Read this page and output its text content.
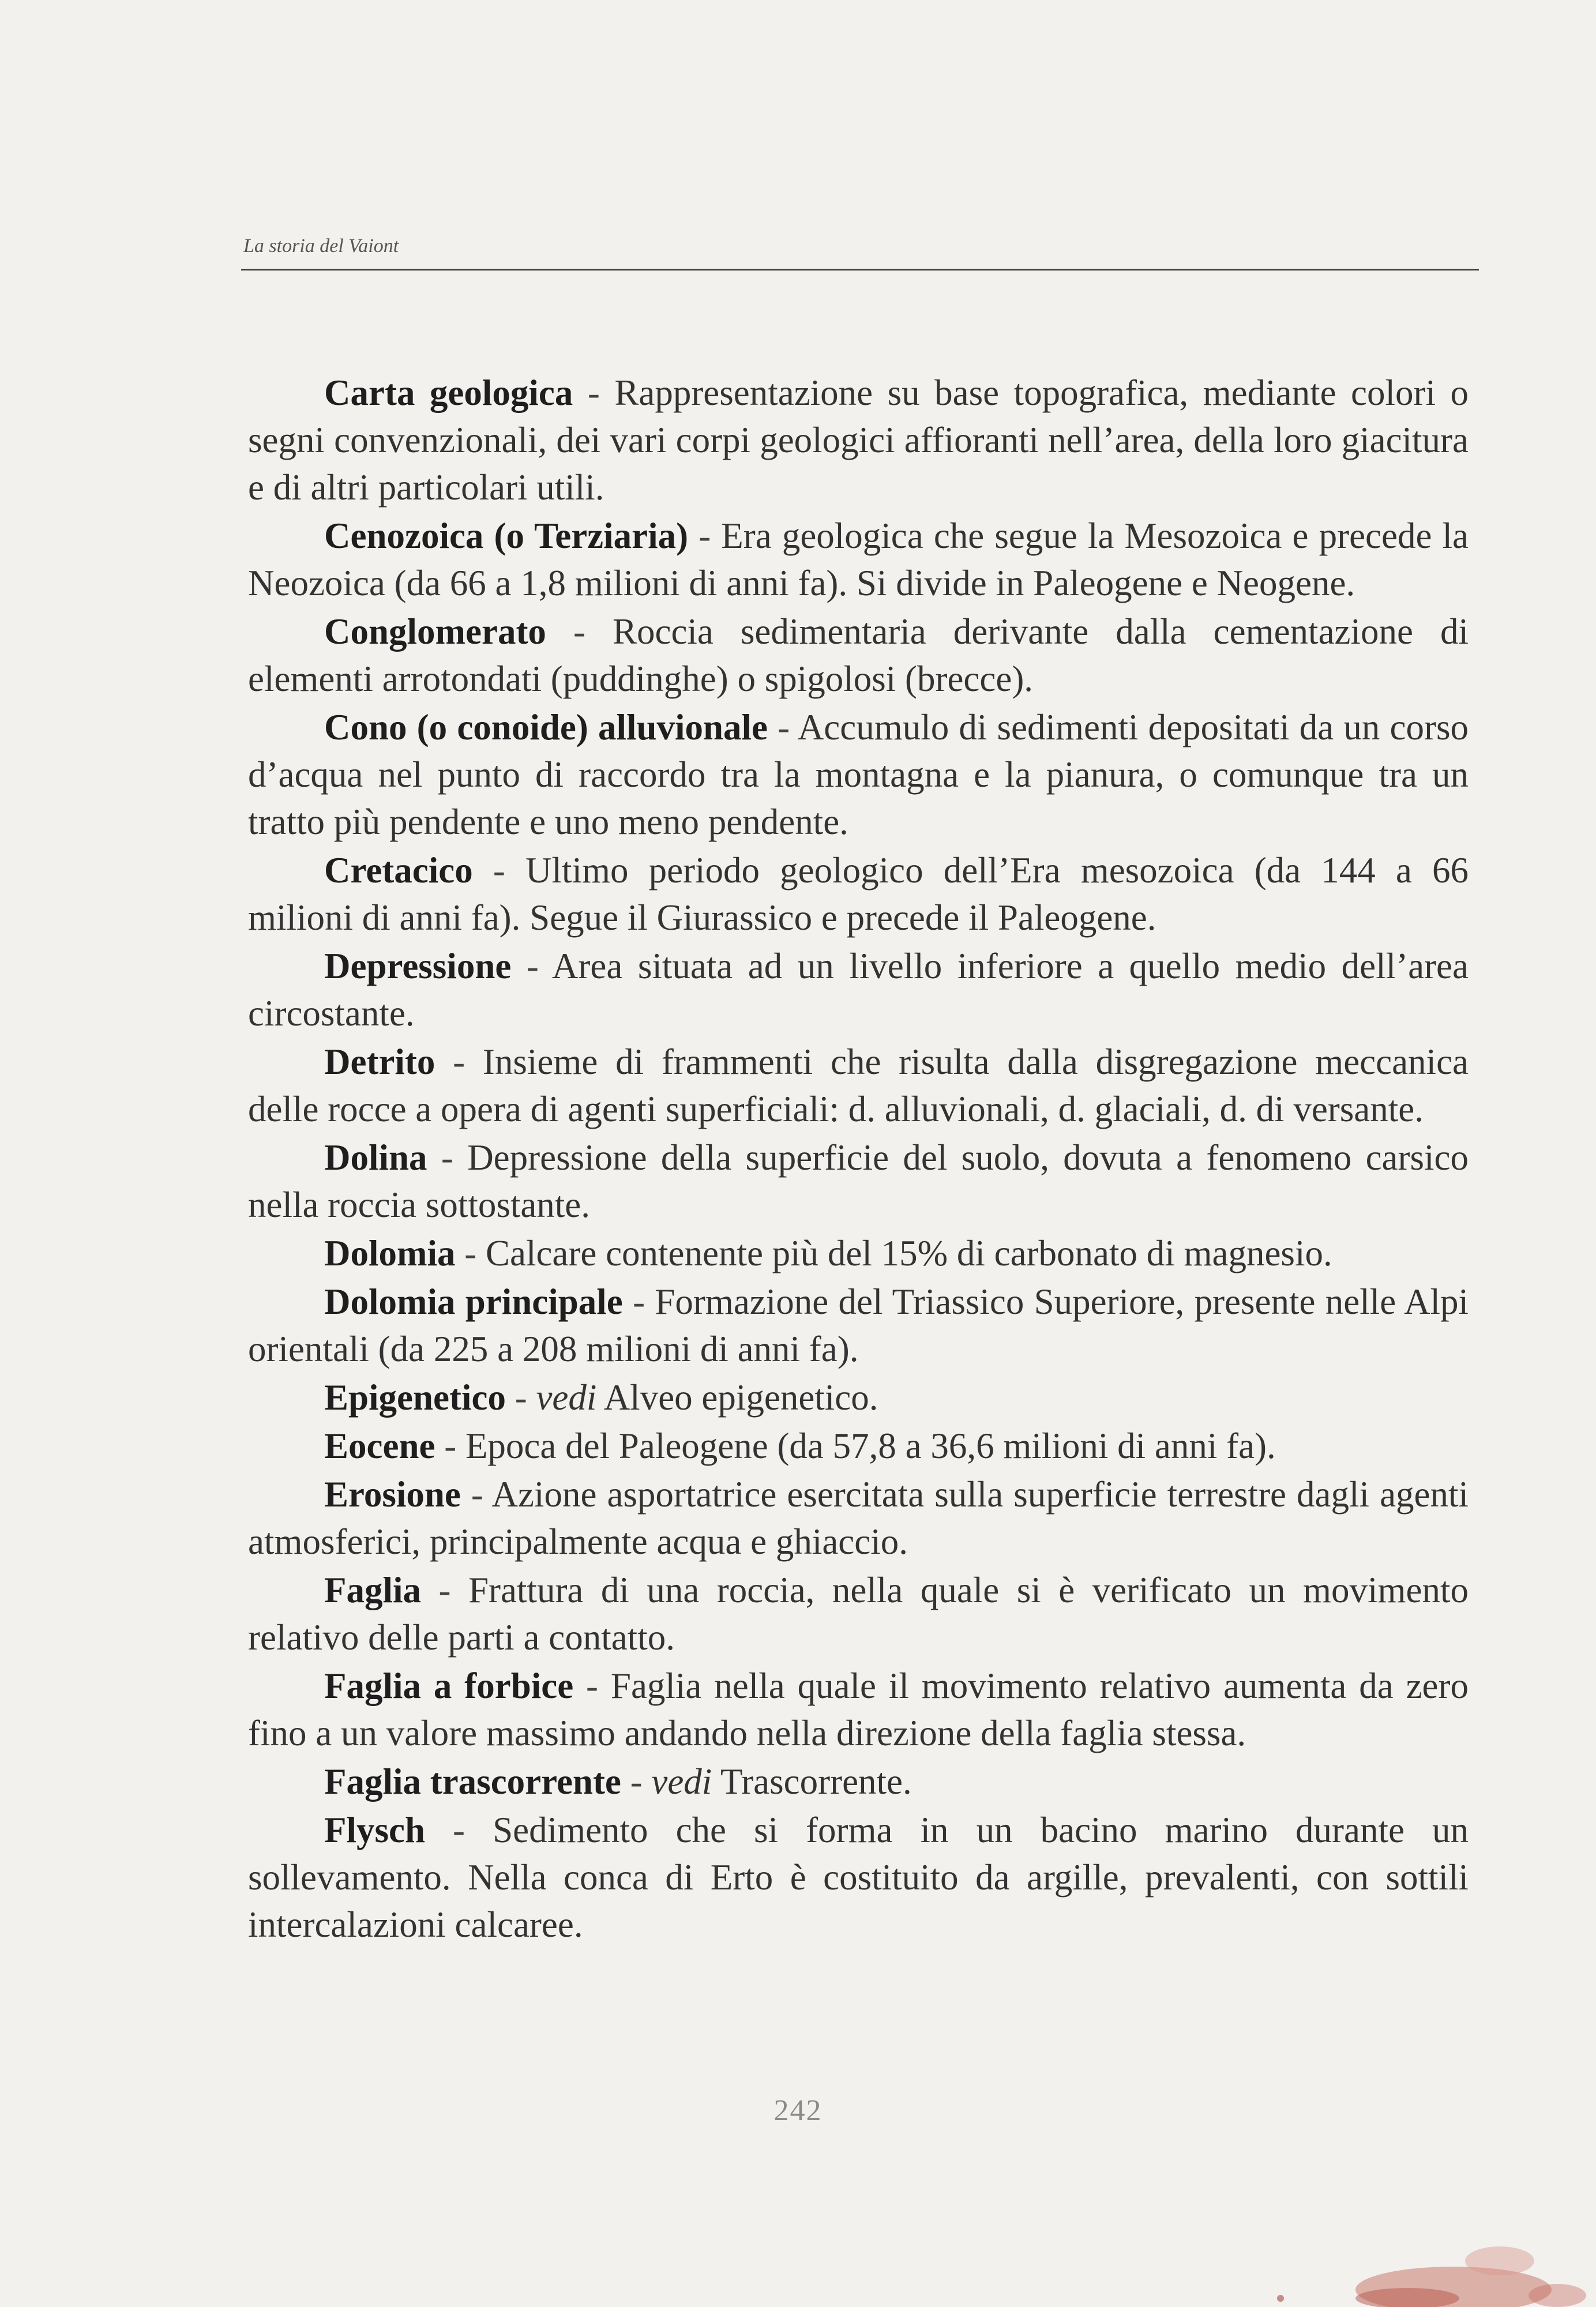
La storia del Vaiont

Carta geologica - Rappresentazione su base topografica, mediante colori o segni convenzionali, dei vari corpi geologici affioranti nell’area, della loro giacitura e di altri particolari utili.

Cenozoica (o Terziaria) - Era geologica che segue la Mesozoica e precede la Neozoica (da 66 a 1,8 milioni di anni fa). Si divide in Paleogene e Neogene.

Conglomerato - Roccia sedimentaria derivante dalla cementazione di elementi arrotondati (puddinghe) o spigolosi (brecce).

Cono (o conoide) alluvionale - Accumulo di sedimenti depositati da un corso d’acqua nel punto di raccordo tra la montagna e la pianura, o comunque tra un tratto più pendente e uno meno pendente.

Cretacico - Ultimo periodo geologico dell’Era mesozoica (da 144 a 66 milioni di anni fa). Segue il Giurassico e precede il Paleogene.

Depressione - Area situata ad un livello inferiore a quello medio dell’area circostante.

Detrito - Insieme di frammenti che risulta dalla disgregazione meccanica delle rocce a opera di agenti superficiali: d. alluvionali, d. glaciali, d. di versante.

Dolina - Depressione della superficie del suolo, dovuta a fenomeno carsico nella roccia sottostante.

Dolomia - Calcare contenente più del 15% di carbonato di magnesio.

Dolomia principale - Formazione del Triassico Superiore, presente nelle Alpi orientali (da 225 a 208 milioni di anni fa).

Epigenetico - vedi Alveo epigenetico.

Eocene - Epoca del Paleogene (da 57,8 a 36,6 milioni di anni fa).

Erosione - Azione asportatrice esercitata sulla superficie terrestre dagli agenti atmosferici, principalmente acqua e ghiaccio.

Faglia - Frattura di una roccia, nella quale si è verificato un movimento relativo delle parti a contatto.

Faglia a forbice - Faglia nella quale il movimento relativo aumenta da zero fino a un valore massimo andando nella direzione della faglia stessa.

Faglia trascorrente - vedi Trascorrente.

Flysch - Sedimento che si forma in un bacino marino durante un sollevamento. Nella conca di Erto è costituito da argille, prevalenti, con sottili intercalazioni calcaree.

242
